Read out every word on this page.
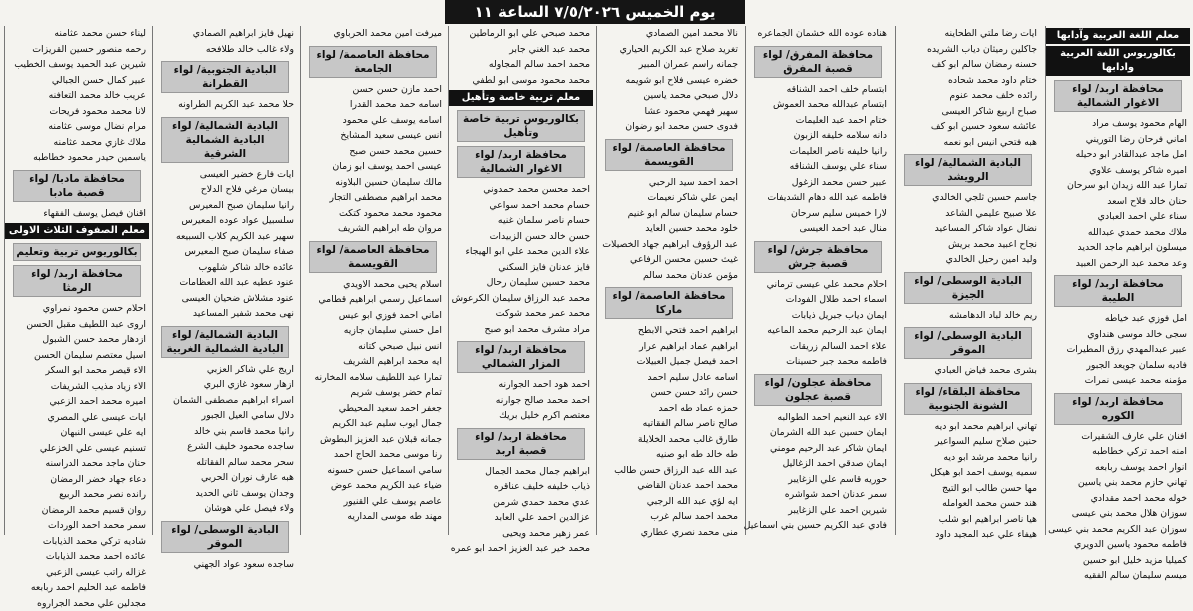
يوم الخميس ٧/٥/٢٠٢٦ الساعة ١١
معلم اللغة العربية وآدابها
بكالوريوس اللغة العربية وادابها
محافظة اربد/ لواء الاغوار الشمالية
الهام محمود يوسف مراد
اماني فرحان رضا التوريني
امل ماجد عبدالقادر ابو دحيله
اميره شاكر يوسف علاوي
تمارا عبد الله زيدان ابو سرحان
حنان خالد فلاح اسعد
سناء علي احمد العبادي
ملاك محمد حمدي عبدالله
ميسلون ابراهيم ماجد الحديد
وعد محمد عبد الرحمن العبيد
محافظة اربد/ لواء الطيبة
امل فوزي عبد خياطه
سجى خالد موسى هنداوي
عبير عبدالمهدي رزق المطيرات
فاديه سلمان جويعد الجبور
مؤمنه محمد عيسى نمرات
محافظة اربد/ لواء الكوره
افنان علي عارف الشقيرات
امنه احمد تركي خطاطبه
انوار احمد يوسف ربابعه
تهاني حازم محمد بني ياسين
خوله محمد احمد مقدادي
سوزان هلال محمد بني عيسى
سوزان عبد الكريم محمد بني عيسى
فاطمه محمود ياسين الدويري
كميليا مزيد خليل ابو حسين
ميسم سليمان سالم الفقيه
ايات رضا ملتي الطحاينه
جاكلين رميثان دياب الشريده
حسنه رمضان سالم ابو كف
ختام داود محمد شحاده
رائده خلف محمد عنوم
صباح اربيع شاكر العيسى
عائشه سعود حسين ابو كف
هبه فتحي انيس ابو نعمه
البادية الشمالية/ لواء الرويشد
جاسم حسين ثلجي الخالدي
علا صبيح عليمي الشاعد
نضال عواد شاكر المساعيد
نجاح اعبيد محمد بريش
وليد امين رحيل الخالدي
البادية الوسطى/ لواء الجيزة
ريم خالد لباد الدهامشه
البادية الوسطى/ لواء الموقر
بشرى محمد فياض العبادي
محافظة البلقاء/ لواء الشونة الجنوبية
تهاني ابراهيم محمد ابو ديه
حنين صلاح سليم السواعير
رانيا محمد مرشد ابو ديه
سميه يوسف احمد ابو هيكل
مها حسن طالب ابو التيج
هند حسن محمد العوامله
هيا ناصر ابراهيم ابو شلب
هيفاء علي عبد المجيد داود
هناده عوده الله خشمان الجماعره
محافظة المفرق/ لواء قصبة المفرق
ابتسام خلف احمد الشناقه
ابتسام عبدالله محمد العموش
ختام احمد عبد العليمات
دانه سلامه خليفه الزبون
رانيا خليفه ناصر العليمات
سناء علي يوسف الشناقه
عبير حسن محمد الزغول
فاطمه عبد الله دهام الشديفات
لارا خميس سليم سرحان
منال عبد احمد العيسى
محافظة جرش/ لواء قصبة جرش
احلام محمد علي عيسى ترماني
اسماء احمد طلال الفودات
ايمان دياب جبريل ذيابات
ايمان عبد الرحيم محمد الماعيه
علاء احمد السالم زريقات
فاطمه محمد جبر حسينات
محافظة عجلون/ لواء قصبة عجلون
الاء عبد النعيم احمد الطوالبه
ايمان حسين عبد الله الشرمان
ايمان شاكر عبد الرحيم مومني
ايمان صدقي احمد الزغاليل
حوريه قاسم علي الزغايبر
سمر عدنان احمد شواشره
شيرين احمد علي الزغايبر
فادي عبد الكريم حسين بني اسماعيل
نالا محمد امين الصمادي
تغريد صلاح عبد الكريم الحياري
جمانه راسم عمران المبير
خضره عيسى فلاح ابو شويمه
دلال صبحي محمد ياسين
سهير فهمي محمود عشا
فدوى حسن محمد ابو رضوان
محافظة العاصمة/ لواء القويسمة
احمد احمد سيد الرحبي
ايمن علي شاكر نعيمات
حسام سليمان سالم ابو غنيم
خلود محمد حسين العايد
عبد الرؤوف ابراهيم جهاد الخصيلات
غيث حسين محسن الرفاعي
مؤمن عدنان محمد سالم
محافظة العاصمة/ لواء ماركا
ابراهيم احمد فتحي الابطح
ابراهيم عماد ابراهيم عرار
احمد فيصل جميل العبيلات
اسامه عادل سليم احمد
حسن رائد حسن حسن
حمزه عماد طه احمد
صالح ناصر سالم الفقاتيه
طارق غالب محمد الخلايلة
طه خالد طه ابو صنيه
عبد الله عبد الرزاق حسن طالب
محمد احمد عدنان القاضي
ايه لؤي عبد الله الرجبي
محمد احمد سالم غرب
منى محمد نصري عطاري
محمد صبحي علي ابو الرماطين
محمد عبد الغني جابر
محمد احمد سالم المجاوله
محمد محمود موسى ابو لطفي
معلم تربية خاصة وتأهيل
بكالوريوس تربية خاصة وتأهيل
محافظة اربد/ لواء الاغوار الشمالية
احمد محسن محمد حمدوني
حسام محمد احمد سواعي
حسام ناصر سلمان غنيه
حسن خالد حسن الزبيدات
علاء الدين محمد علي ابو الهيجاء
فايز عدنان فايز السكني
محمد حسين سليمان رحال
محمد عبد الرزاق سليمان الكرعوش
محمد عمر محمد شوكت
مراد مشرف محمد ابو صبح
محافظة اربد/ لواء المزار الشمالي
احمد هود احمد الجوارنه
احمد محمد صالح جوارنه
معتصم اكرم خليل بريك
محافظة اربد/ لواء قصبة اربد
ابراهيم جمال محمد الجمال
ذياب خليفه خليف عناقره
عدي محمد حمدي شرمن
عزالدين احمد علي العابد
عمر زهير محمد ويحيى
محمد خير عبد العزيز احمد ابو عمره
ميرفت امين محمد الحرباوي
محافظة العاصمة/ لواء الجامعة
احمد مازن حسن حسن
اسامه حمد محمد القدرا
اسامه يوسف علي محمود
انس عيسى سعيد المشايخ
حسين محمد حسن صبح
عيسى احمد يوسف ابو زمان
مالك سليمان حسين البلاونه
محمد ابراهيم مصطفى التجار
محمود محمد محمود كتكت
مروان طه ابراهيم الشريف
محافظة العاصمة/ لواء القويسمة
اسلام يحيى محمد الاويدي
اسماعيل رسمي ابراهيم قطامي
اماني احمد فوزي ابو عيس
امل حسني سليمان جازيه
انس نبيل صبحي كتانه
ايه محمد ابراهيم الشريف
تمارا عبد اللطيف سلامه المخارنه
تمام حضر يوسف شريم
جعفر احمد سعيد المحيطي
جمال ايوب سليم عبد الكريم
جمانه قبلان عبد العزيز البطوش
رنا موسى محمد الحاج احمد
سامي اسماعيل حسن حسونه
ضياء عبد الكريم محمد عوض
عاصم يوسف علي القنيور
مهند طه موسى المداريه
نهيل فايز ابراهيم الصمادي
ولاء غالب خالد طلافحه
البادية الجنوبية/ لواء القطرانة
حلا محمد عبد الكريم الطراونه
البادية الشمالية/ لواء البادية الشمالية الشرقية
ايات فارع خضير العيسى
بيسان مرغي فلاح الدلاح
رانيا سليمان صبح المعيرس
سلسبيل عواد عوده المعيرس
سهير عبد الكريم كلاب السبيعه
صفاء سليمان صبح المعيرس
عائده خالد شاكر شلهوب
عنود عطيه عبد الله العظامات
عنود مشلاش ضحيان العيسى
نهى محمد شفير المساعيد
البادية الشمالية/ لواء البادية الشمالية الغربية
اريج علي شاكر العزبي
ازهار سعود غازي البري
اسراء ابراهيم مصطفى الشمان
دلال سامي العيل الجبور
رانيا محمد قاسم بني خالد
ساجده محمود خليف الشرع
سحر محمد سالم الفقاتله
هبه عارف نوران الحربي
وجدان يوسف ثاني الحديد
ولاء فيصل علي هوشان
البادية الوسطى/ لواء الموقر
ساجده سعود عواد الجهني
ليناء حسن محمد عثامنه
رحمه منصور حسين القريزات
شيرين عبد الحميد يوسف الخطيب
عبير كمال حسن الجبالي
عريب خالد محمد التعافنه
لانا محمد محمود فريحات
مرام نضال موسى عثامنه
ملاك غازي محمد عثامنه
ياسمين حيدر محمود خطاطبه
محافظة مادبا/ لواء قصبة مادبا
اقنان فيصل يوسف الفقهاء
معلم الصفوف الثلاث الاولى
بكالوريوس تربية وتعليم
محافظة اربد/ لواء الرمثا
احلام حسن محمود نمراوي
اروى عبد اللطيف مقبل الحسن
ازدهار محمد حسن الشبول
اسيل معتصم سليمان الحسن
الاء قيصر محمد ابو السكر
الاء زياد مذيب الشريفات
اميره محمد احمد الزعبي
ايات عيسى علي المصري
ايه علي عيسى النبهان
تسنيم عيسى علي الخزعلي
حنان ماجد محمد الدراسنه
دعاء جهاد خضر الرمضان
رانده نصر محمد الربيع
روان قسيم محمد الرمضان
سمر محمد احمد الوردات
شاديه تركي محمد الذيابات
عائده احمد محمد الذيابات
غزاله راتب عيسى الزعبي
فاطمه عبد الحليم احمد ربابعه
مجدلين علي محمد الجراروه
